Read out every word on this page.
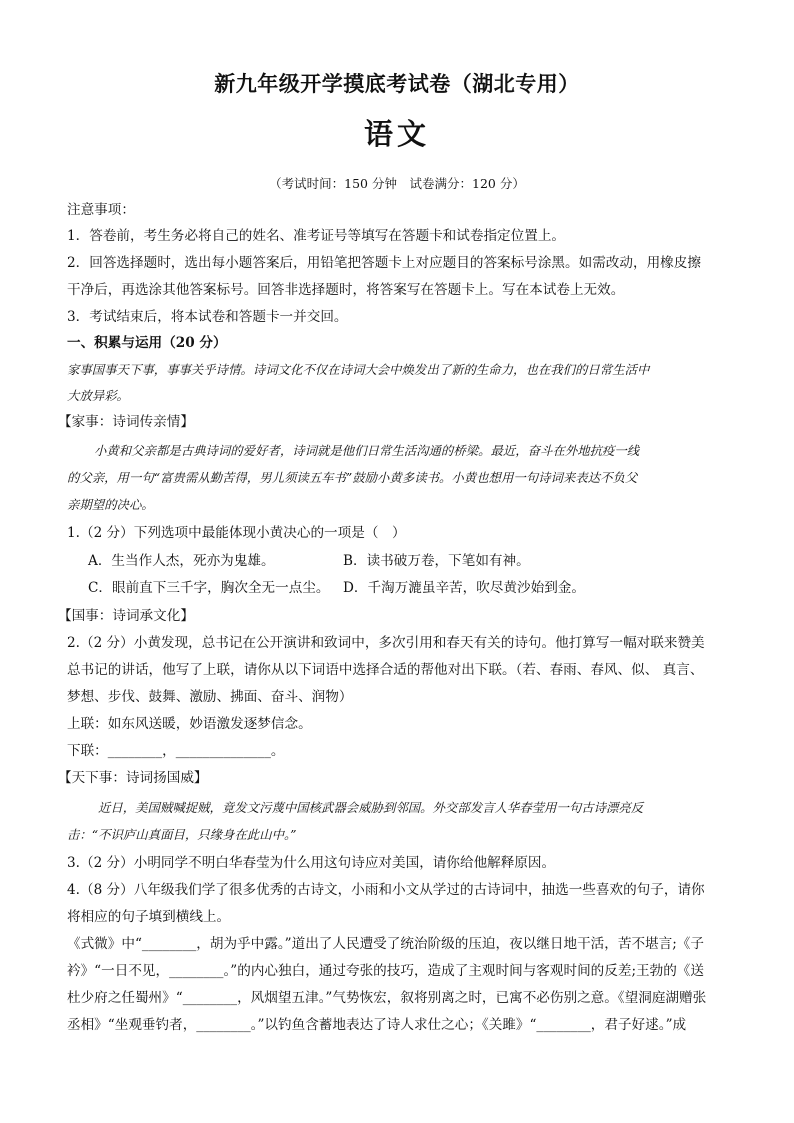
新九年级开学摸底考试卷（湖北专用）
语文
（考试时间：150 分钟　试卷满分：120 分）
注意事项：
1．答卷前，考生务必将自己的姓名、准考证号等填写在答题卡和试卷指定位置上。
2．回答选择题时，选出每小题答案后，用铅笔把答题卡上对应题目的答案标号涂黑。如需改动，用橡皮擦
干净后，再选涂其他答案标号。回答非选择题时，将答案写在答题卡上。写在本试卷上无效。
3．考试结束后，将本试卷和答题卡一并交回。
一、积累与运用（20 分）
家事国事天下事，事事关乎诗情。诗词文化不仅在诗词大会中焕发出了新的生命力，也在我们的日常生活中
大放异彩。
【家事：诗词传亲情】
小黄和父亲都是古典诗词的爱好者，诗词就是他们日常生活沟通的桥梁。最近，奋斗在外地抗疫一线
的父亲，用一句“富贵需从勤苦得，男儿须读五车书”鼓励小黄多读书。小黄也想用一句诗词来表达不负父
亲期望的决心。
1.（2 分）下列选项中最能体现小黄决心的一项是（　）
A．生当作人杰，死亦为鬼雄。	B．读书破万卷，下笔如有神。
C．眼前直下三千字，胸次全无一点尘。 D．千淘万漉虽辛苦，吹尽黄沙始到金。
【国事：诗词承文化】
2.（2 分）小黄发现，总书记在公开演讲和致词中，多次引用和春天有关的诗句。他打算写一幅对联来赞美
总书记的讲话，他写了上联，请你从以下词语中选择合适的帮他对出下联。（若、春雨、春风、似、 真言、
梦想、步伐、鼓舞、激励、拂面、奋斗、润物）
上联：如东风送暖，妙语激发逐梦信念。
下联：________，______________。
【天下事：诗词扬国威】
近日，美国贼喊捉贼，竟发文污蔑中国核武器会威胁到邻国。外交部发言人华春莹用一句古诗漂亮反
击：“不识庐山真面目，只缘身在此山中。”
3.（2 分）小明同学不明白华春莹为什么用这句诗应对美国，请你给他解释原因。
4.（8 分）八年级我们学了很多优秀的古诗文，小雨和小文从学过的古诗词中，抽选一些喜欢的句子，请你
将相应的句子填到横线上。
《式微》中“________，胡为乎中露。”道出了人民遭受了统治阶级的压迫，夜以继日地干活，苦不堪言;《子
衿》“一日不见，________。”的内心独白，通过夸张的技巧，造成了主观时间与客观时间的反差;王勃的《送
杜少府之任蜀州》“________，风烟望五津。”气势恢宏，叙将别离之时，已寓不必伤别之意。《望洞庭湖赠张
丞相》“坐观垂钓者，________。”以钓鱼含蓄地表达了诗人求仕之心；《关雎》“________，君子好逑。”成
